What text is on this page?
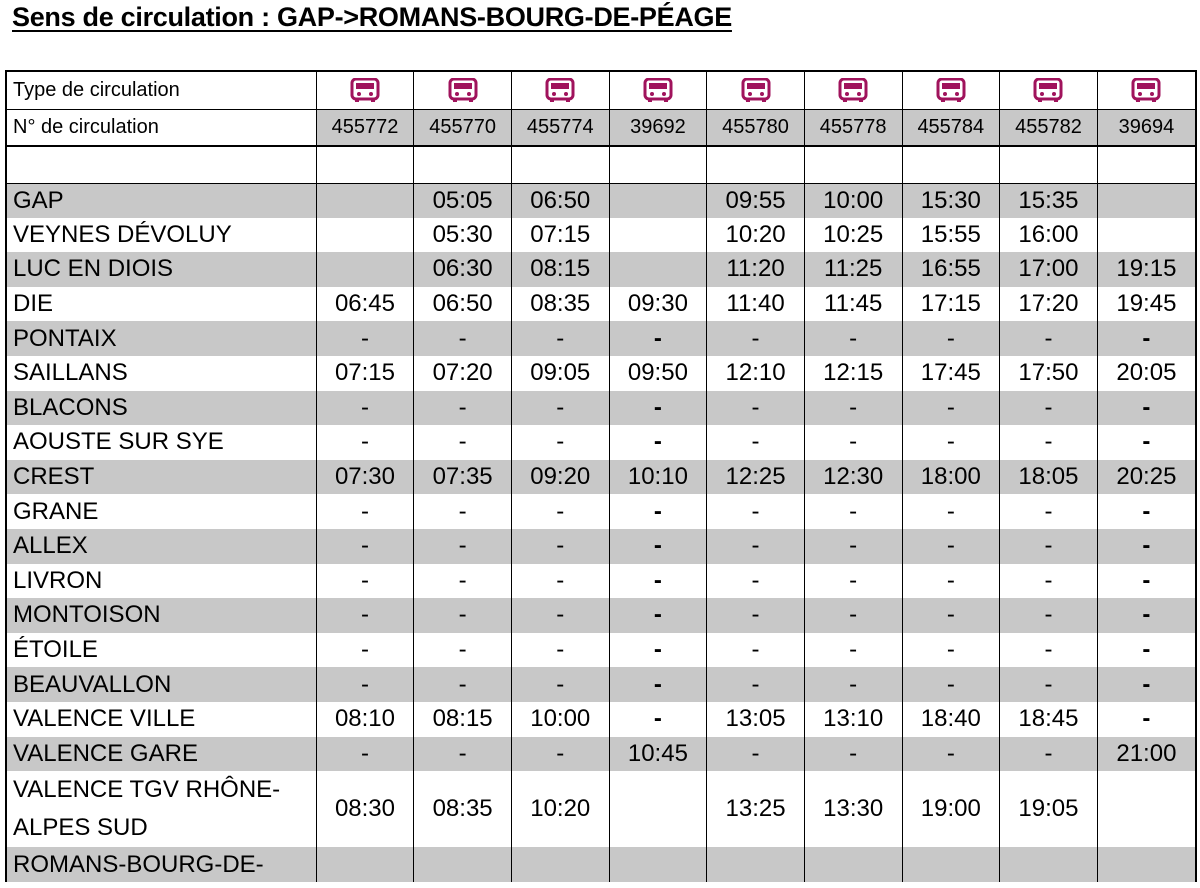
Sens de circulation : GAP->ROMANS-BOURG-DE-PÉAGE
Type de circulation									
N° de circulation	455772	455770	455774	39692	455780	455778	455784	455782	39694

GAP		05:05	06:50		09:55	10:00	15:30	15:35	
VEYNES DÉVOLUY		05:30	07:15		10:20	10:25	15:55	16:00	
LUC EN DIOIS		06:30	08:15		11:20	11:25	16:55	17:00	19:15
DIE	06:45	06:50	08:35	09:30	11:40	11:45	17:15	17:20	19:45
PONTAIX	-	-	-	-	-	-	-	-	-
SAILLANS	07:15	07:20	09:05	09:50	12:10	12:15	17:45	17:50	20:05
BLACONS	-	-	-	-	-	-	-	-	-
AOUSTE SUR SYE	-	-	-	-	-	-	-	-	-
CREST	07:30	07:35	09:20	10:10	12:25	12:30	18:00	18:05	20:25
GRANE	-	-	-	-	-	-	-	-	-
ALLEX	-	-	-	-	-	-	-	-	-
LIVRON	-	-	-	-	-	-	-	-	-
MONTOISON	-	-	-	-	-	-	-	-	-
ÉTOILE	-	-	-	-	-	-	-	-	-
BEAUVALLON	-	-	-	-	-	-	-	-	-
VALENCE VILLE	08:10	08:15	10:00	-	13:05	13:10	18:40	18:45	-
VALENCE GARE	-	-	-	10:45	-	-	-	-	21:00
VALENCE TGV RHÔNE-ALPES SUD	08:30	08:35	10:20		13:25	13:30	19:00	19:05	
ROMANS-BOURG-DE-									
